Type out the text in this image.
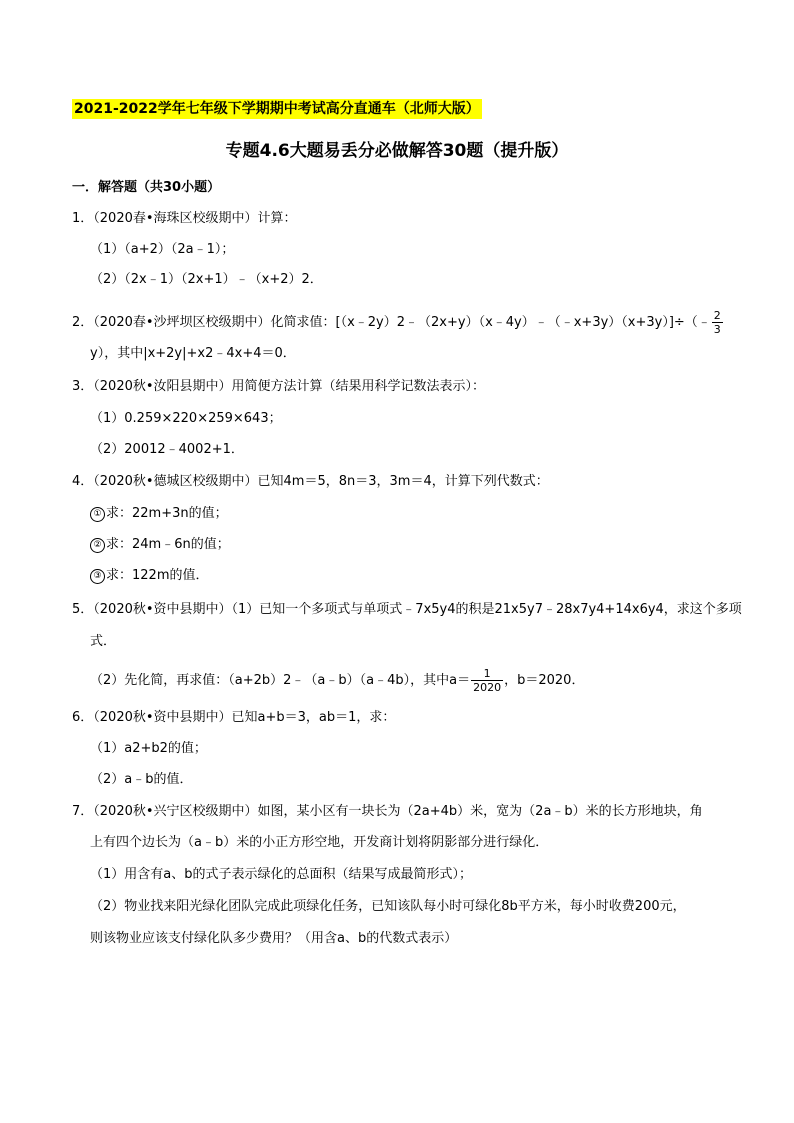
2021-2022学年七年级下学期期中考试高分直通车（北师大版）
专题4.6大题易丢分必做解答30题（提升版）
一．解答题（共30小题）
1．（2020春•海珠区校级期中）计算：
（1）（a+2）（2a﹣1）；
（2）（2x﹣1）（2x+1）﹣（x+2）2．
2．（2020春•沙坪坝区校级期中）化简求值：[（x﹣2y）2﹣（2x+y）（x﹣4y）﹣（﹣x+3y）（x+3y）]÷（﹣ $\frac{2}{3}$
y），其中|x+2y|+x2﹣4x+4＝0．
3．（2020秋•汝阳县期中）用简便方法计算（结果用科学记数法表示）：
（1）0.259×220×259×643；
（2）20012﹣4002+1．
4．（2020秋•德城区校级期中）已知4m＝5，8n＝3，3m＝4，计算下列代数式：
① 求：22m+3n的值；
② 求：24m﹣6n的值；
③ 求：122m的值．
5．（2020秋•资中县期中）（1）已知一个多项式与单项式﹣7x5y4的积是21x5y7﹣28x7y4+14x6y4，求这个多项
式．
（2）先化简，再求值：（a+2b）2﹣（a﹣b）（a﹣4b），其中$a= \frac{1}{2020}$ ，b＝2020．
6．（2020秋•资中县期中）已知a+b＝3，ab＝1，求：
（1）a2+b2的值；
（2）a﹣b的值．
7．（2020秋•兴宁区校级期中）如图，某小区有一块长为（2a+4b）米，宽为（2a﹣b）米的长方形地块，角
上有四个边长为（a﹣b）米的小正方形空地，开发商计划将阴影部分进行绿化．
（1）用含有a、b的式子表示绿化的总面积（结果写成最简形式）；
（2）物业找来阳光绿化团队完成此项绿化任务，已知该队每小时可绿化8b平方米，每小时收费200元，
则该物业应该支付绿化队多少费用？（用含a、b的代数式表示）
